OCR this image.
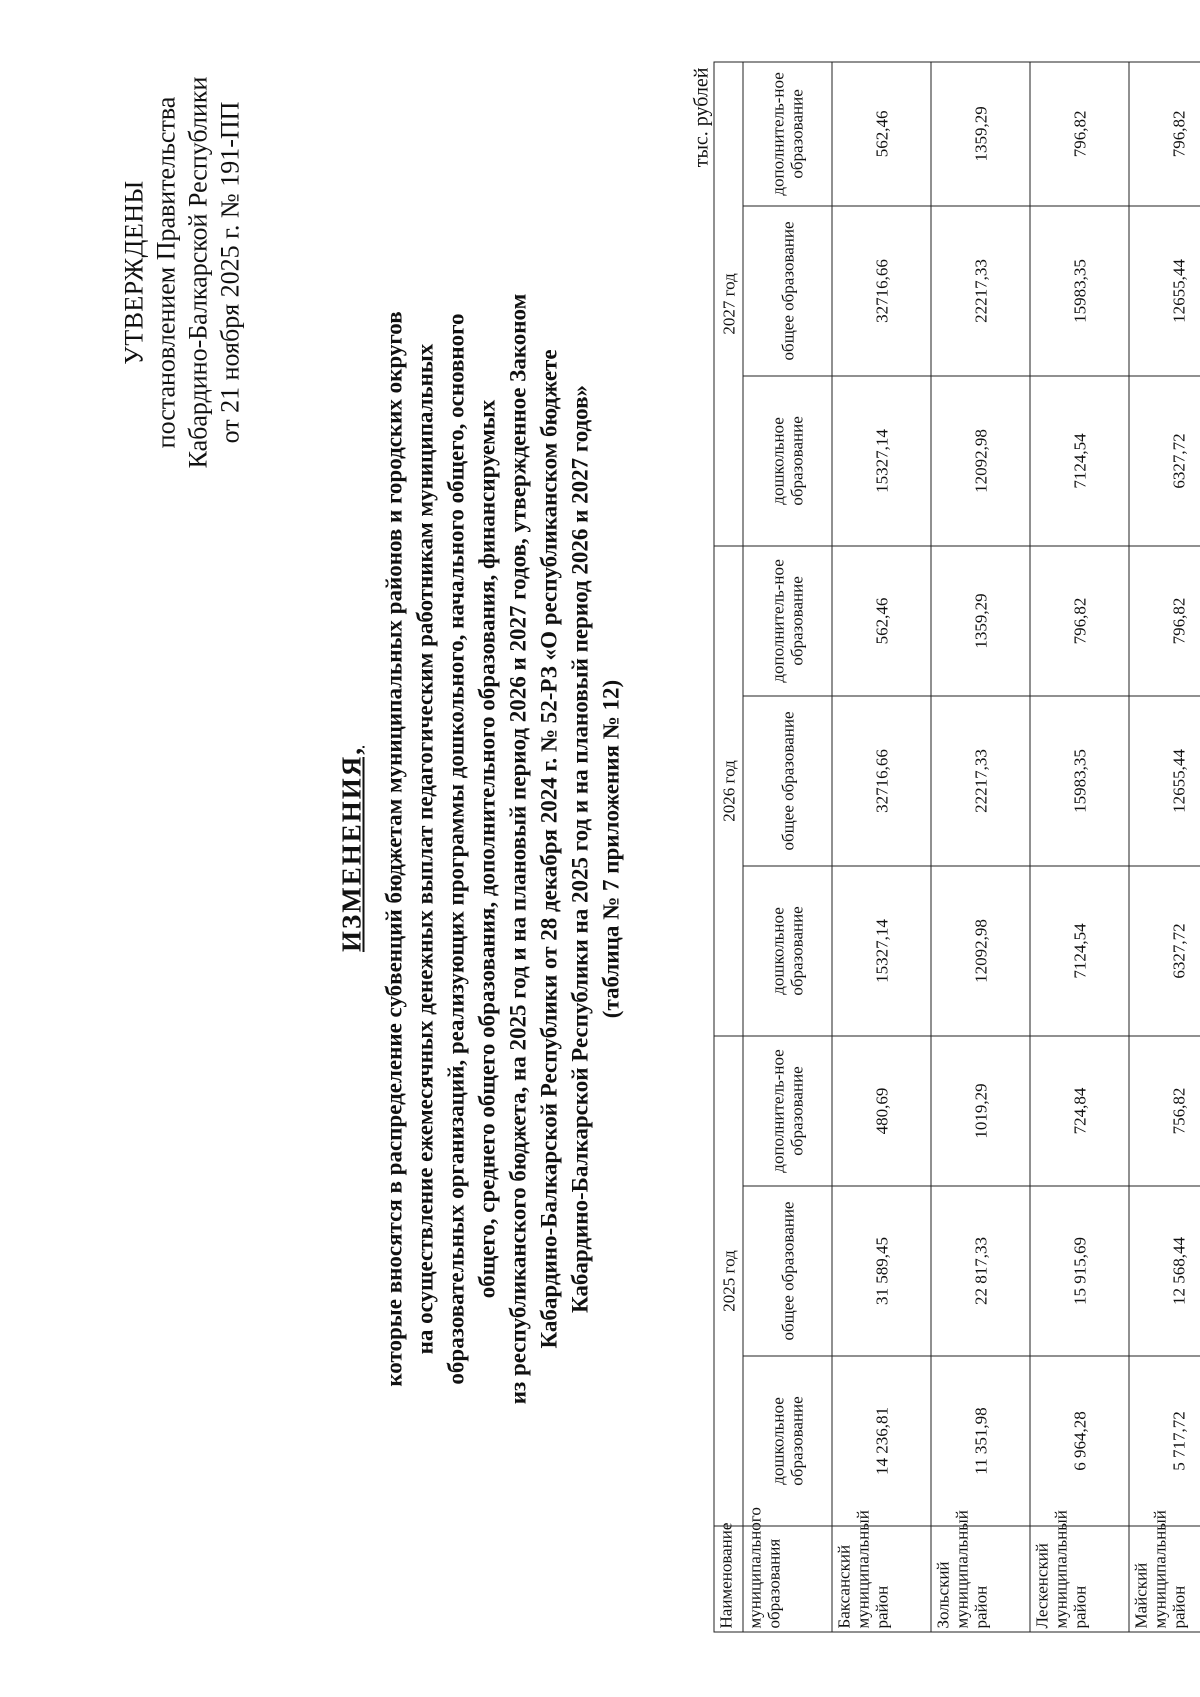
УТВЕРЖДЕНЫ постановлением Правительства Кабардино-Балкарской Республики от 21 ноября 2025 г. № 191-ПП
ИЗМЕНЕНИЯ, которые вносятся в распределение субвенций бюджетам муниципальных районов и городских округов на осуществление ежемесячных денежных выплат педагогическим работникам муниципальных образовательных организаций, реализующих программы дошкольного, начального общего, основного общего, среднего общего образования, дополнительного образования, финансируемых из республиканского бюджета, на 2025 год и на плановый период 2026 и 2027 годов, утвержденное Законом Кабардино-Балкарской Республики от 28 декабря 2024 г. № 52-РЗ «О республиканском бюджете Кабардино-Балкарской Республики на 2025 год и на плановый период 2026 и 2027 годов» (таблица № 7 приложения № 12)
тыс. рублей
Наименование	2025 год			2026 год			2027 год		
муниципального образования	дошкольное образование	общее образование	дополнитель-ное образование	дошкольное образование	общее образование	дополнитель-ное образование	дошкольное образование	общее образование	дополнитель-ное образование
Баксанский муниципальный район	14 236,81	31 589,45	480,69	15327,14	32716,66	562,46	15327,14	32716,66	562,46
Зольский муниципальный район	11 351,98	22 817,33	1019,29	12092,98	22217,33	1359,29	12092,98	22217,33	1359,29
Лескенский муниципальный район	6 964,28	15 915,69	724,84	7124,54	15983,35	796,82	7124,54	15983,35	796,82
Майский муниципальный район	5 717,72	12 568,44	756,82	6327,72	12655,44	796,82	6327,72	12655,44	796,82
